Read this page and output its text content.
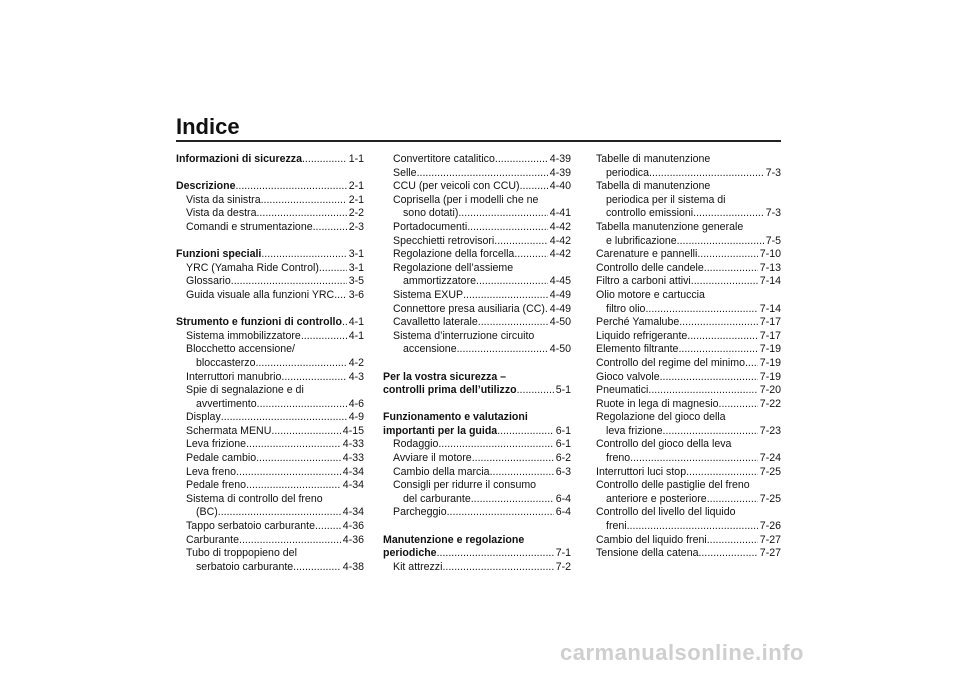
Indice
Informazioni di sicurezza .....	1-1
Descrizione .....	2-1
Vista da sinistra .....	2-1
Vista da destra .....	2-2
Comandi e strumentazione .....	2-3
Funzioni speciali .....	3-1
YRC (Yamaha Ride Control) .....	3-1
Glossario .....	3-5
Guida visuale alla funzioni YRC ..... 3-6
Strumento e funzioni di controllo ..... 4-1
Sistema immobilizzatore .....	4-1
Blocchetto accensione/
bloccasterzo .....	4-2
Interruttori manubrio .....	4-3
Spie di segnalazione e di
avvertimento .....	4-6
Display .....	4-9
Schermata MENU .....	4-15
Leva frizione .....	4-33
Pedale cambio .....	4-33
Leva freno .....	4-34
Pedale freno .....	4-34
Sistema di controllo del freno
(BC) .....	4-34
Tappo serbatoio carburante .....	4-36
Carburante .....	4-36
Tubo di troppopieno del
serbatoio carburante .....	4-38
Convertitore catalitico .....	4-39
Selle .....	4-39
CCU (per veicoli con CCU) .....	4-40
Coprisella (per i modelli che ne
sono dotati) .....	4-41
Portadocumenti .....	4-42
Specchietti retrovisori .....	4-42
Regolazione della forcella .....	4-42
Regolazione dell’assieme
ammortizzatore .....	4-45
Sistema EXUP .....	4-49
Connettore presa ausiliaria (CC) ..... 4-49
Cavalletto laterale .....	4-50
Sistema d’interruzione circuito
accensione .....	4-50
Per la vostra sicurezza –
controlli prima dell’utilizzo .....	5-1
Funzionamento e valutazioni
importanti per la guida .....	6-1
Rodaggio .....	6-1
Avviare il motore .....	6-2
Cambio della marcia .....	6-3
Consigli per ridurre il consumo
del carburante .....	6-4
Parcheggio .....	6-4
Manutenzione e regolazione
periodiche .....	7-1
Kit attrezzi .....	7-2
Tabelle di manutenzione
periodica .....	7-3
Tabella di manutenzione
periodica per il sistema di
controllo emissioni .....	7-3
Tabella manutenzione generale
e lubrificazione .....	7-5
Carenature e pannelli .....	7-10
Controllo delle candele .....	7-13
Filtro a carboni attivi .....	7-14
Olio motore e cartuccia
filtro olio .....	7-14
Perché Yamalube .....	7-17
Liquido refrigerante .....	7-17
Elemento filtrante .....	7-19
Controllo del regime del minimo ..... 7-19
Gioco valvole .....	7-19
Pneumatici .....	7-20
Ruote in lega di magnesio .....	7-22
Regolazione del gioco della
leva frizione .....	7-23
Controllo del gioco della leva
freno .....	7-24
Interruttori luci stop .....	7-25
Controllo delle pastiglie del freno
anteriore e posteriore .....	7-25
Controllo del livello del liquido
freni .....	7-26
Cambio del liquido freni .....	7-27
Tensione della catena .....	7-27
carmanualsonline.info
